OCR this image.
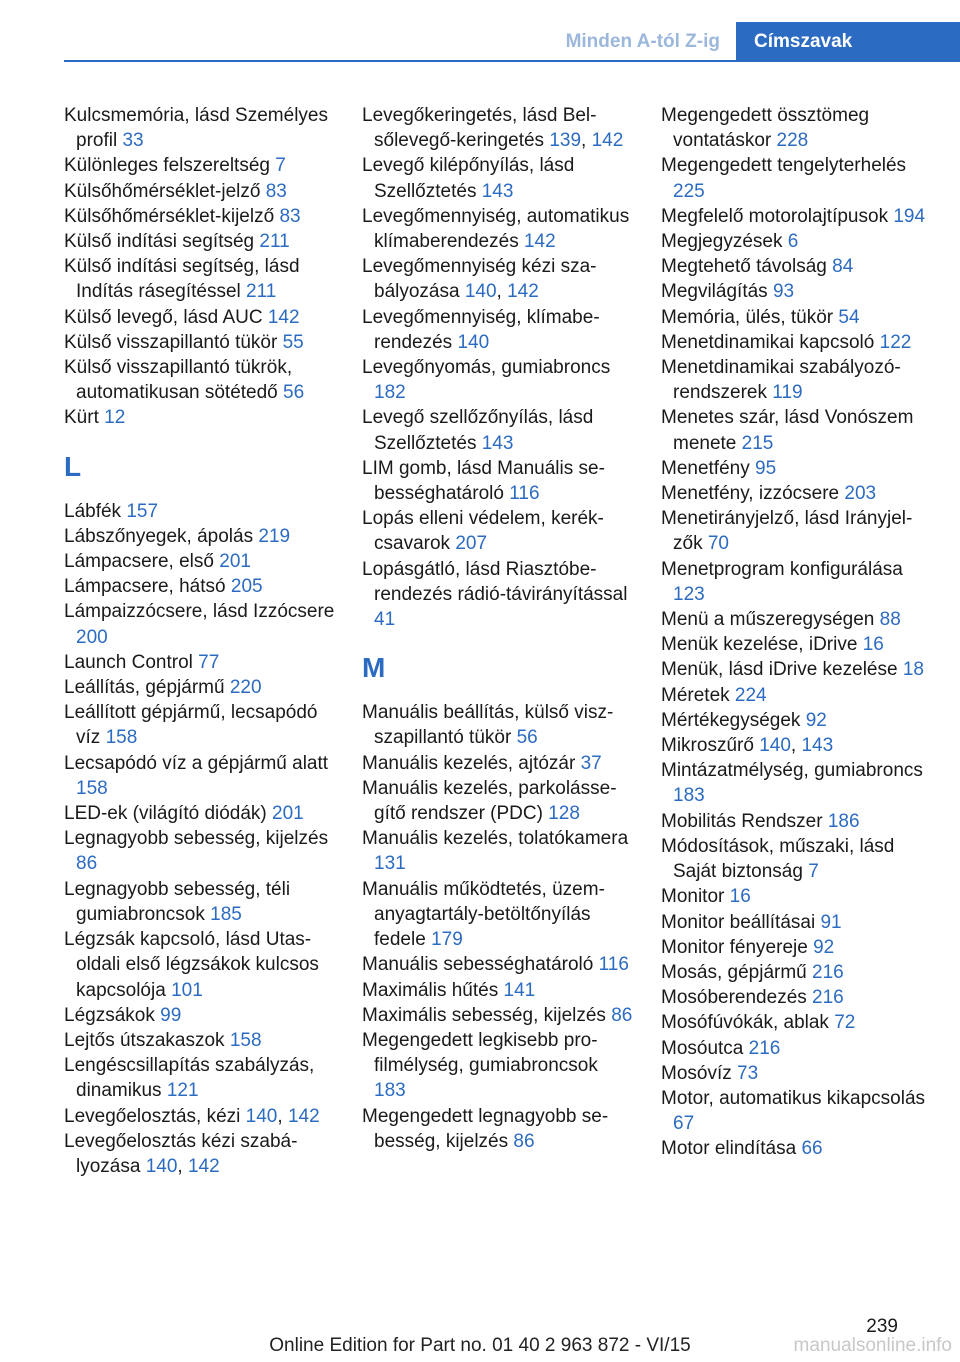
Minden A-tól Z-ig	Címszavak
Kulcsmemória, lásd Személyes profil 33
Különleges felszereltség 7
Külsőhőmérséklet-jelző 83
Külsőhőmérséklet-kijelző 83
Külső indítási segítség 211
Külső indítási segítség, lásd Indítás rásegítéssel 211
Külső levegő, lásd AUC 142
Külső visszapillantó tükör 55
Külső visszapillantó tükrök, automatikusan sötétedő 56
Kürt 12
L
Lábfék 157
Lábszőnyegek, ápolás 219
Lámpacsere, első 201
Lámpacsere, hátsó 205
Lámpaizzócsere, lásd Izzócsere 200
Launch Control 77
Leállítás, gépjármű 220
Leállított gépjármű, lecsapódó víz 158
Lecsapódó víz a gépjármű alatt 158
LED-ek (világító diódák) 201
Legnagyobb sebesség, kijelzés 86
Legnagyobb sebesség, téli gumiabroncsok 185
Légzsák kapcsoló, lásd Utasoldali első légzsákok kulcsos kapcsolója 101
Légzsákok 99
Lejtős útszakaszok 158
Lengéscsillapítás szabályzás, dinamikus 121
Levegőelosztás, kézi 140, 142
Levegőelosztás kézi szabályozása 140, 142
Levegőkeringetés, lásd Belsőlevegő-keringetés 139, 142
Levegő kilépőnyílás, lásd Szellőztetés 143
Levegőmennyiség, automatikus klímaberendezés 142
Levegőmennyiség kézi szabályozása 140, 142
Levegőmennyiség, klímaberendezés 140
Levegőnyomás, gumiabroncs 182
Levegő szellőzőnyílás, lásd Szellőztetés 143
LIM gomb, lásd Manuális sebességhatároló 116
Lopás elleni védelem, kerékcsavarok 207
Lopásgátló, lásd Riasztóberendezés rádió-távirányítással 41
M
Manuális beállítás, külső viszszapillantó tükör 56
Manuális kezelés, ajtózár 37
Manuális kezelés, parkolássegítő rendszer (PDC) 128
Manuális kezelés, tolatókamera 131
Manuális működtetés, üzemanyagtartály-betöltőnyílás fedele 179
Manuális sebességhatároló 116
Maximális hűtés 141
Maximális sebesség, kijelzés 86
Megengedett legkisebb profilmélység, gumiabroncsok 183
Megengedett legnagyobb sebesség, kijelzés 86
Megengedett össztömeg vontatáskor 228
Megengedett tengelyterhelés 225
Megfelelő motorolajtípusok 194
Megjegyzések 6
Megtehető távolság 84
Megvilágítás 93
Memória, ülés, tükör 54
Menetdinamikai kapcsoló 122
Menetdinamikai szabályozórendszerek 119
Menetes szár, lásd Vonószem menete 215
Menetfény 95
Menetfény, izzócsere 203
Menetirányjelző, lásd Irányjelzők 70
Menetprogram konfigurálása 123
Menü a műszeregységen 88
Menük kezelése, iDrive 16
Menük, lásd iDrive kezelése 18
Méretek 224
Mértékegységek 92
Mikroszűrő 140, 143
Mintázatmélység, gumiabroncs 183
Mobilitás Rendszer 186
Módosítások, műszaki, lásd Saját biztonság 7
Monitor 16
Monitor beállításai 91
Monitor fényereje 92
Mosás, gépjármű 216
Mosóberendezés 216
Mosófúvókák, ablak 72
Mosóutca 216
Mosóvíz 73
Motor, automatikus kikapcsolás 67
Motor elindítása 66
239
Online Edition for Part no. 01 40 2 963 872 - VI/15	manualsonline.info
